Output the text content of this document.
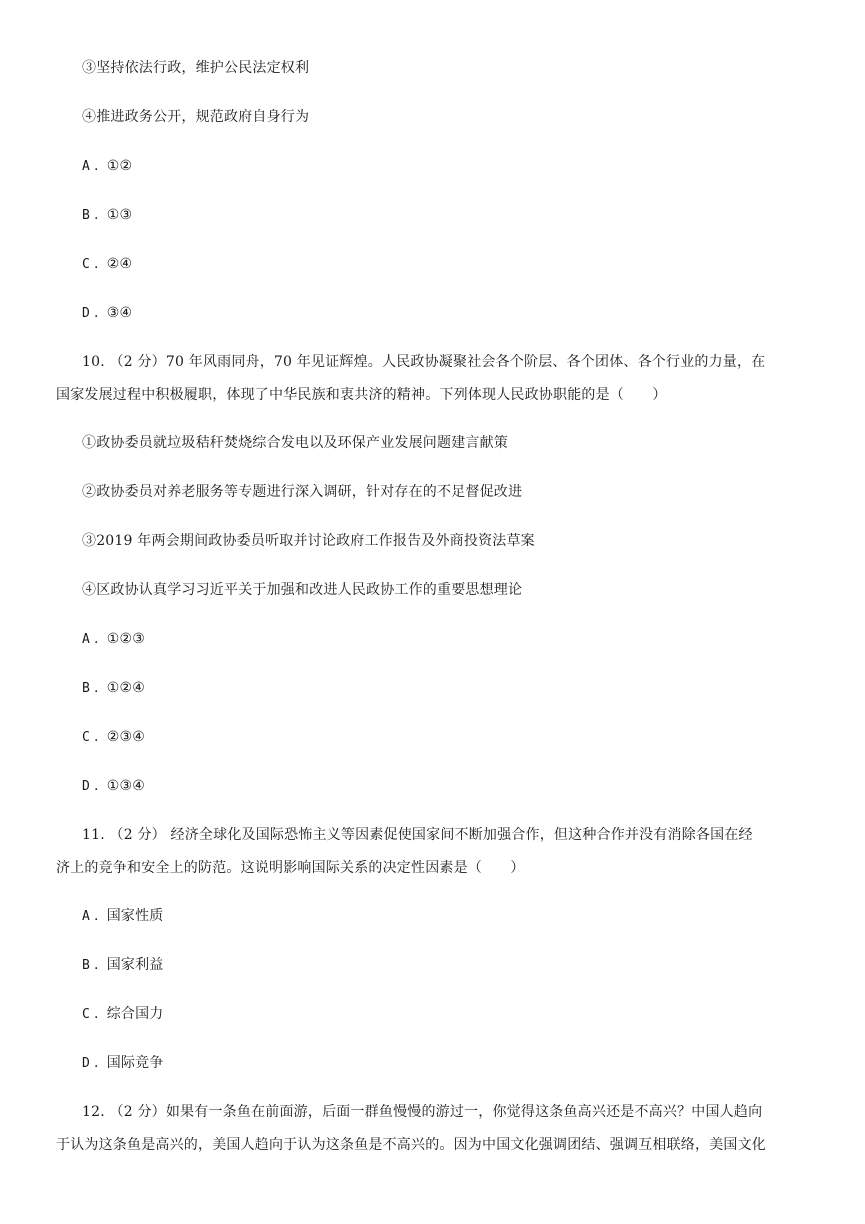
③坚持依法行政，维护公民法定权利
④推进政务公开，规范政府自身行为
A . ①②
B . ①③
C . ②④
D . ③④
10. （2 分）70 年风雨同舟，70 年见证辉煌。人民政协凝聚社会各个阶层、各个团体、各个行业的力量，在
国家发展过程中积极履职，体现了中华民族和衷共济的精神。下列体现人民政协职能的是（　　）
①政协委员就垃圾秸秆焚烧综合发电以及环保产业发展问题建言献策
②政协委员对养老服务等专题进行深入调研，针对存在的不足督促改进
③2019 年两会期间政协委员听取并讨论政府工作报告及外商投资法草案
④区政协认真学习习近平关于加强和改进人民政协工作的重要思想理论
A . ①②③
B . ①②④
C . ②③④
D . ①③④
11. （2 分） 经济全球化及国际恐怖主义等因素促使国家间不断加强合作，但这种合作并没有消除各国在经
济上的竞争和安全上的防范。这说明影响国际关系的决定性因素是（　　）
A . 国家性质
B . 国家利益
C . 综合国力
D . 国际竞争
12. （2 分）如果有一条鱼在前面游，后面一群鱼慢慢的游过一，你觉得这条鱼高兴还是不高兴？中国人趋向
于认为这条鱼是高兴的，美国人趋向于认为这条鱼是不高兴的。因为中国文化强调团结、强调互相联络，美国文化
